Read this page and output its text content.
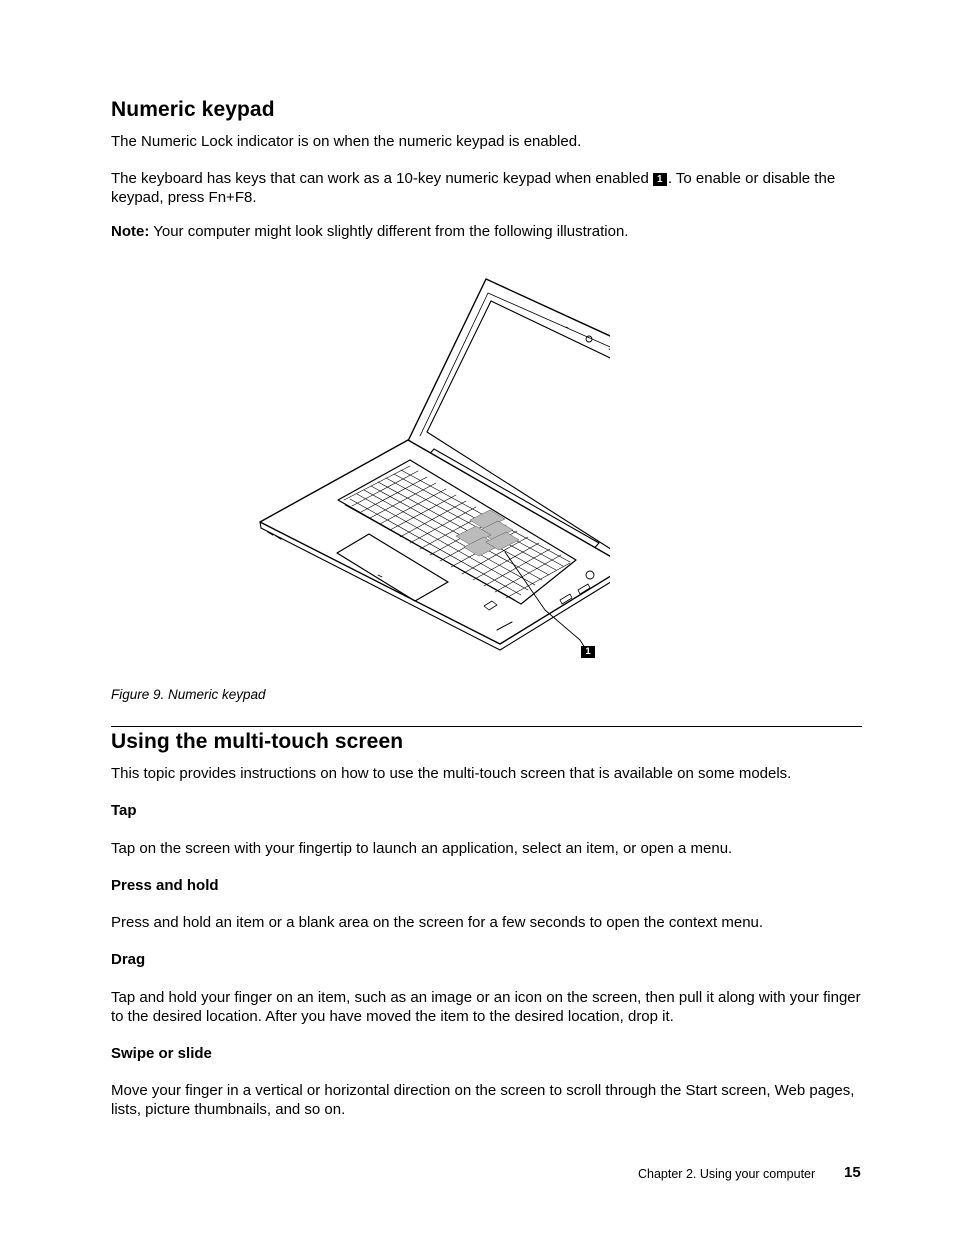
Numeric keypad

The Numeric Lock indicator is on when the numeric keypad is enabled.

The keyboard has keys that can work as a 10-key numeric keypad when enabled 1 . To enable or disable the keypad, press Fn+F8.

Note: Your computer might look slightly different from the following illustration.

1

Figure 9. Numeric keypad

Using the multi-touch screen

This topic provides instructions on how to use the multi-touch screen that is available on some models.

Tap

Tap on the screen with your fingertip to launch an application, select an item, or open a menu.

Press and hold

Press and hold an item or a blank area on the screen for a few seconds to open the context menu.

Drag

Tap and hold your finger on an item, such as an image or an icon on the screen, then pull it along with your finger to the desired location. After you have moved the item to the desired location, drop it.

Swipe or slide

Move your finger in a vertical or horizontal direction on the screen to scroll through the Start screen, Web pages, lists, picture thumbnails, and so on.

Chapter 2. Using your computer 15
